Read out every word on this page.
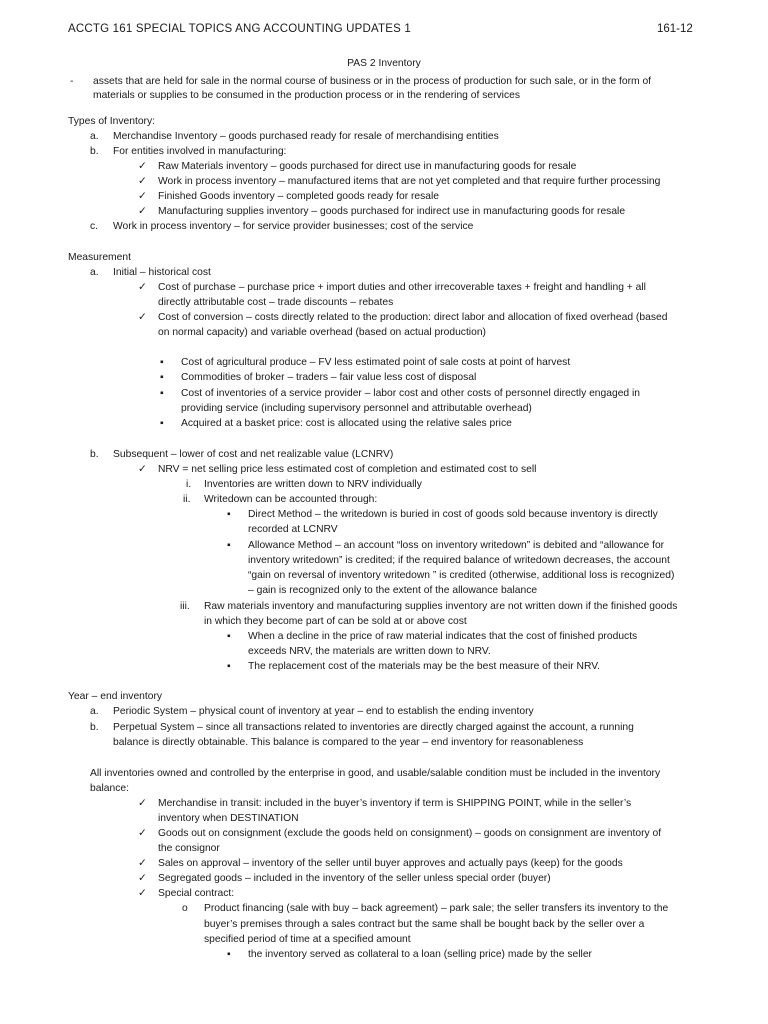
ACCTG 161 SPECIAL TOPICS ANG ACCOUNTING UPDATES 1	161-12
PAS 2 Inventory
- assets that are held for sale in the normal course of business or in the process of production for such sale, or in the form of
materials or supplies to be consumed in the production process or in the rendering of services
Types of Inventory:
a. Merchandise Inventory – goods purchased ready for resale of merchandising entities
b. For entities involved in manufacturing:
✓ Raw Materials inventory – goods purchased for direct use in manufacturing goods for resale
✓ Work in process inventory – manufactured items that are not yet completed and that require further processing
✓ Finished Goods inventory – completed goods ready for resale
✓ Manufacturing supplies inventory – goods purchased for indirect use in manufacturing goods for resale
c. Work in process inventory – for service provider businesses; cost of the service
Measurement
a. Initial – historical cost
✓ Cost of purchase – purchase price + import duties and other irrecoverable taxes + freight and handling + all
directly attributable cost – trade discounts – rebates
✓ Cost of conversion – costs directly related to the production: direct labor and allocation of fixed overhead (based
on normal capacity) and variable overhead (based on actual production)
▪ Cost of agricultural produce – FV less estimated point of sale costs at point of harvest
▪ Commodities of broker – traders – fair value less cost of disposal
▪ Cost of inventories of a service provider – labor cost and other costs of personnel directly engaged in
providing service (including supervisory personnel and attributable overhead)
▪ Acquired at a basket price: cost is allocated using the relative sales price
b. Subsequent – lower of cost and net realizable value (LCNRV)
✓ NRV = net selling price less estimated cost of completion and estimated cost to sell
i. Inventories are written down to NRV individually
ii. Writedown can be accounted through:
▪ Direct Method – the writedown is buried in cost of goods sold because inventory is directly
recorded at LCNRV
▪ Allowance Method – an account “loss on inventory writedown” is debited and “allowance for
inventory writedown” is credited; if the required balance of writedown decreases, the account
“gain on reversal of inventory writedown ” is credited (otherwise, additional loss is recognized)
– gain is recognized only to the extent of the allowance balance
iii. Raw materials inventory and manufacturing supplies inventory are not written down if the finished goods
in which they become part of can be sold at or above cost
▪ When a decline in the price of raw material indicates that the cost of finished products
exceeds NRV, the materials are written down to NRV.
▪ The replacement cost of the materials may be the best measure of their NRV.
Year – end inventory
a. Periodic System – physical count of inventory at year – end to establish the ending inventory
b. Perpetual System – since all transactions related to inventories are directly charged against the account, a running
balance is directly obtainable. This balance is compared to the year – end inventory for reasonableness
All inventories owned and controlled by the enterprise in good, and usable/salable condition must be included in the inventory
balance:
✓ Merchandise in transit: included in the buyer’s inventory if term is SHIPPING POINT, while in the seller’s
inventory when DESTINATION
✓ Goods out on consignment (exclude the goods held on consignment) – goods on consignment are inventory of
the consignor
✓ Sales on approval – inventory of the seller until buyer approves and actually pays (keep) for the goods
✓ Segregated goods – included in the inventory of the seller unless special order (buyer)
✓ Special contract:
o Product financing (sale with buy – back agreement) – park sale; the seller transfers its inventory to the
buyer’s premises through a sales contract but the same shall be bought back by the seller over a
specified period of time at a specified amount
▪ the inventory served as collateral to a loan (selling price) made by the seller
